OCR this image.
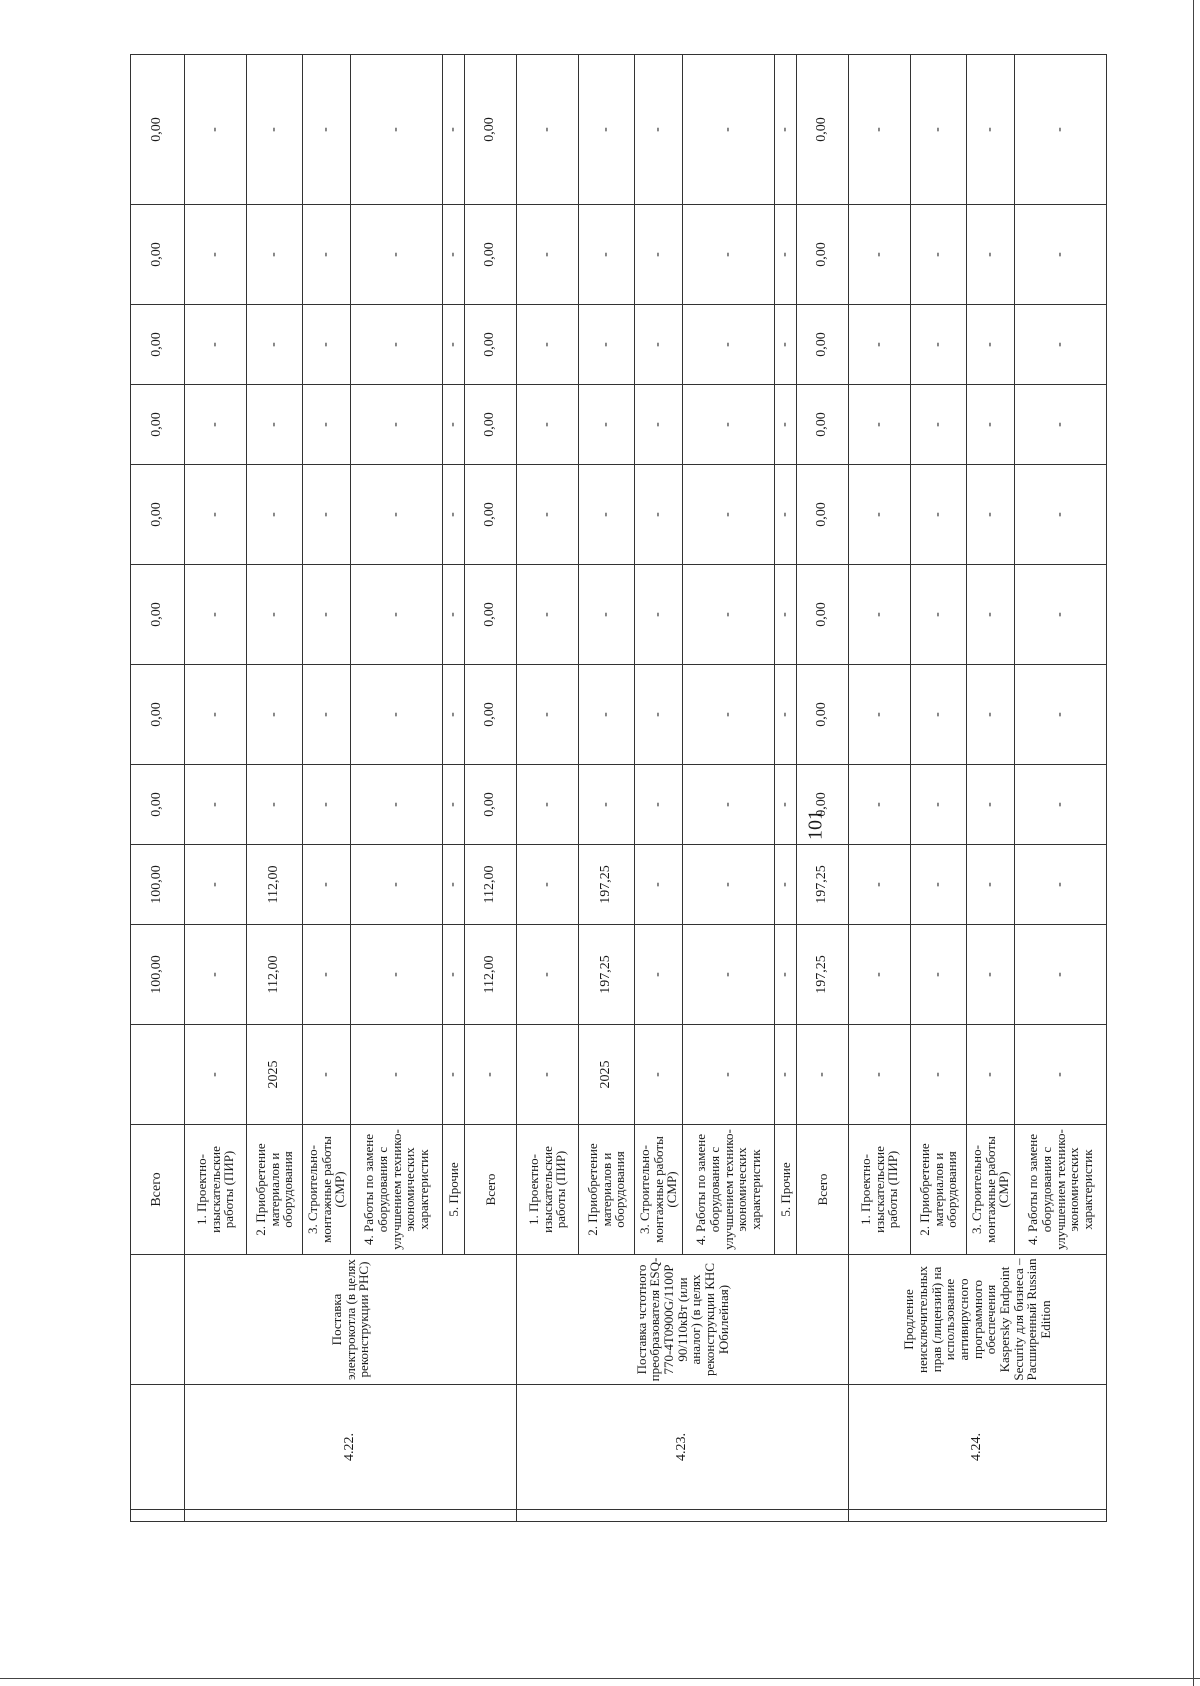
101
			Всего		100,00	100,00	0,00	0,00	0,00	0,00	0,00	0,00	0,00	0,00
	4.22.	Поставка электрокотла (в целях реконструкции РНС)	1. Проектно-изыскательские работы (ПИР)	-	-	-	-	-	-	-	-	-	-	-
			2. Приобретение материалов и оборудования	2025	112,00	112,00	-	-	-	-	-	-	-	-
			3. Строительно-монтажные работы (СМР)	-	-	-	-	-	-	-	-	-	-	-
			4. Работы по замене оборудования с улучшением технико-экономических характеристик	-	-	-	-	-	-	-	-	-	-	-
			5. Прочие	-	-	-	-	-	-	-	-	-	-	-
			Всего	-	112,00	112,00	0,00	0,00	0,00	0,00	0,00	0,00	0,00	0,00
	4.23.	Поставка чстотного преобразователя ESQ-770-4T0900G/1100P 90/110кВт (или аналог) (в целях реконструкции КНС Юбилейная)	1. Проектно-изыскательские работы (ПИР)	-	-	-	-	-	-	-	-	-	-	-
			2. Приобретение материалов и оборудования	2025	197,25	197,25	-	-	-	-	-	-	-	-
			3. Строительно-монтажные работы (СМР)	-	-	-	-	-	-	-	-	-	-	-
			4. Работы по замене оборудования с улучшением технико-экономических характеристик	-	-	-	-	-	-	-	-	-	-	-
			5. Прочие	-	-	-	-	-	-	-	-	-	-	-
			Всего	-	197,25	197,25	0,00	0,00	0,00	0,00	0,00	0,00	0,00	0,00
	4.24.	Продление неисключительных прав (лицензий) на использование антивирусного программного обеспечения Kaspersky Endpoint Security для бизнеса – Расширенный Russian Edition	1. Проектно-изыскательские работы (ПИР)	-	-	-	-	-	-	-	-	-	-	-
			2. Приобретение материалов и оборудования	-	-	-	-	-	-	-	-	-	-	-
			3. Строительно-монтажные работы (СМР)	-	-	-	-	-	-	-	-	-	-	-
			4. Работы по замене оборудования с улучшением технико-экономических характеристик	-	-	-	-	-	-	-	-	-	-	-
